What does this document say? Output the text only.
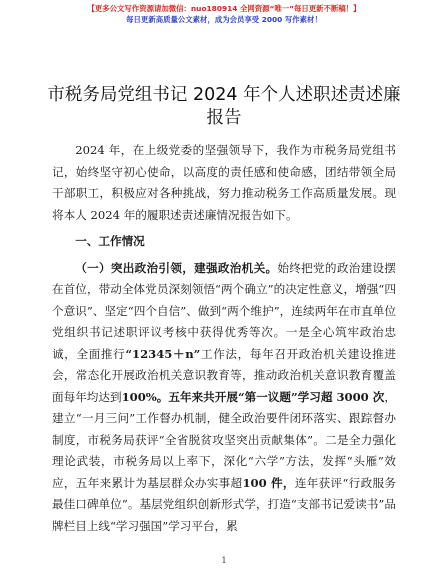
【更多公文写作资源请加微信：nuo180914 全网资源“唯一”每日更新不断稿！】
每日更新高质量公文素材，成为会员享受 2000 写作素材！
市税务局党组书记 2024 年个人述职述责述廉报告

2024 年，在上级党委的坚强领导下，我作为市税务局党组书记，始终坚守初心使命，以高度的责任感和使命感，团结带领全局干部职工，积极应对各种挑战，努力推动税务工作高质量发展。现将本人 2024 年的履职述责述廉情况报告如下。

一、工作情况

（一）突出政治引领，建强政治机关。始终把党的政治建设摆在首位，带动全体党员深刻领悟“两个确立”的决定性意义，增强“四个意识”、坚定“四个自信”、做到“两个维护”，连续两年在市直单位党组织书记述职评议考核中获得优秀等次。一是全心筑牢政治忠诚，全面推行“12345＋n”工作法，每年召开政治机关建设推进会，常态化开展政治机关意识教育等，推动政治机关意识教育覆盖面每年均达到100%。五年来共开展“第一议题”学习超 3000 次，建立“一月三问”工作督办机制，健全政治要件闭环落实、跟踪督办制度，市税务局获评“全省脱贫攻坚突出贡献集体”。二是全力强化理论武装，市税务局以上率下，深化“六学”方法，发挥“头雁”效应，五年来累计为基层群众办实事超100 件，连年获评“行政服务最佳口碑单位”。基层党组织创新形式学，打造“支部书记爱读书”品牌栏目上线“学习强国”学习平台，累

1
